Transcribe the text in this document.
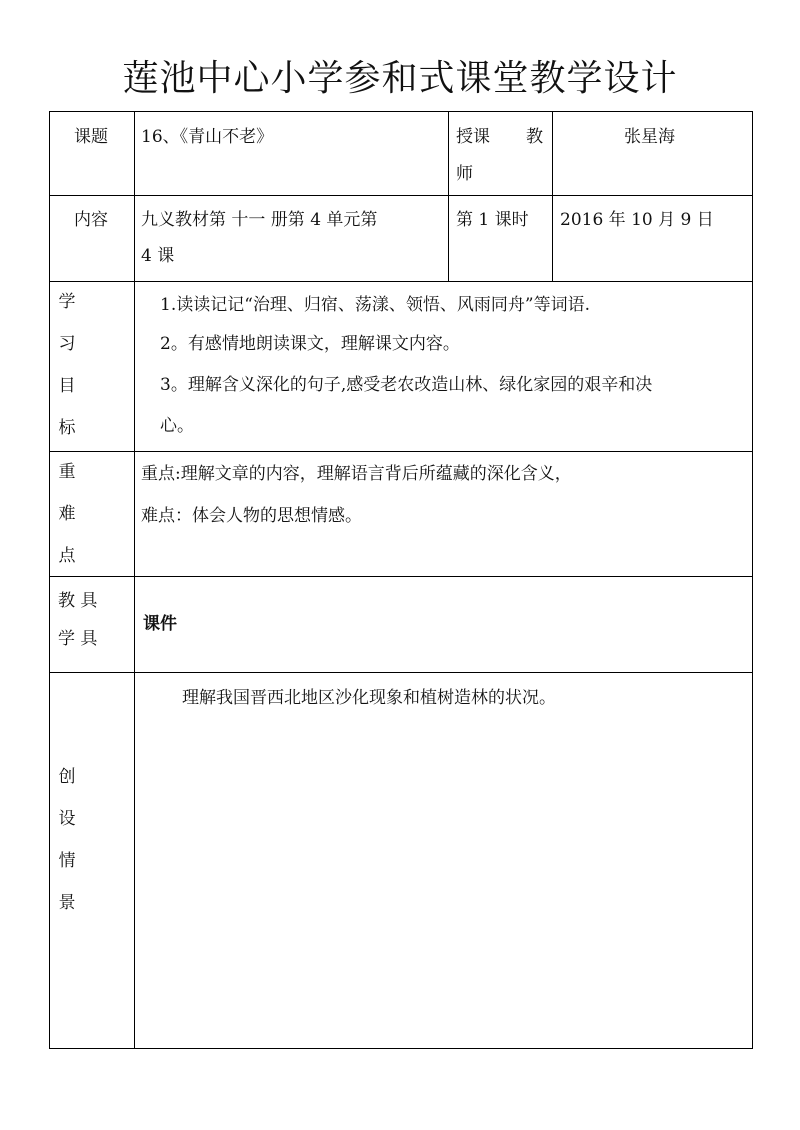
莲池中心小学参和式课堂教学设计
课题 16、《青山不老》	授课 教
师
张星海
内容 九义教材第 十一 册第 4 单元第
4 课
第 1 课时 2016 年 10 月 9 日
学
习
目
标
1.读读记记“治理、归宿、荡漾、领悟、风雨同舟”等词语.
2。有感情地朗读课文，理解课文内容。
3。理解含义深化的句子,感受老农改造山林、绿化家园的艰辛和决
心。
重
难
点
重点:理解文章的内容，理解语言背后所蕴藏的深化含义，
难点：体会人物的思想情感。
教 具
学 具
课件
创
设
情
景
理解我国晋西北地区沙化现象和植树造林的状况。
